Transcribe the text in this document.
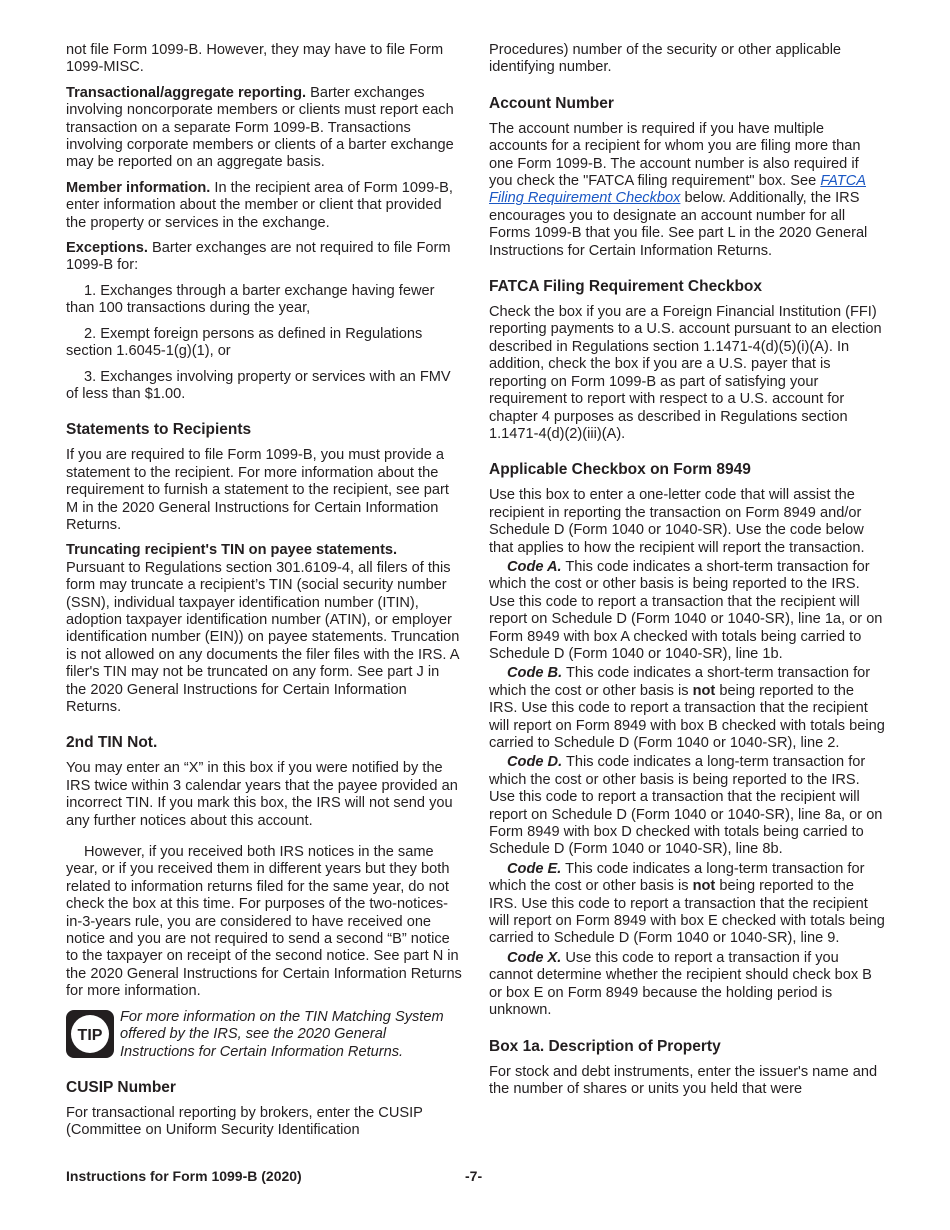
not file Form 1099-B. However, they may have to file Form 1099-MISC.

Transactional/aggregate reporting. Barter exchanges involving noncorporate members or clients must report each transaction on a separate Form 1099-B. Transactions involving corporate members or clients of a barter exchange may be reported on an aggregate basis.

Member information. In the recipient area of Form 1099-B, enter information about the member or client that provided the property or services in the exchange.

Exceptions. Barter exchanges are not required to file Form 1099-B for:

1. Exchanges through a barter exchange having fewer than 100 transactions during the year,

2. Exempt foreign persons as defined in Regulations section 1.6045-1(g)(1), or

3. Exchanges involving property or services with an FMV of less than $1.00.

Statements to Recipients

If you are required to file Form 1099-B, you must provide a statement to the recipient. For more information about the requirement to furnish a statement to the recipient, see part M in the 2020 General Instructions for Certain Information Returns.

Truncating recipient's TIN on payee statements.
Pursuant to Regulations section 301.6109-4, all filers of this form may truncate a recipient’s TIN (social security number (SSN), individual taxpayer identification number (ITIN), adoption taxpayer identification number (ATIN), or employer identification number (EIN)) on payee statements. Truncation is not allowed on any documents the filer files with the IRS. A filer's TIN may not be truncated on any form. See part J in the 2020 General Instructions for Certain Information Returns.

2nd TIN Not.

You may enter an “X” in this box if you were notified by the IRS twice within 3 calendar years that the payee provided an incorrect TIN. If you mark this box, the IRS will not send you any further notices about this account.

However, if you received both IRS notices in the same year, or if you received them in different years but they both related to information returns filed for the same year, do not check the box at this time. For purposes of the two-notices-in-3-years rule, you are considered to have received one notice and you are not required to send a second “B” notice to the taxpayer on receipt of the second notice. See part N in the 2020 General Instructions for Certain Information Returns for more information.

TIP
For more information on the TIN Matching System offered by the IRS, see the 2020 General Instructions for Certain Information Returns.
CUSIP Number

For transactional reporting by brokers, enter the CUSIP (Committee on Uniform Security Identification

Procedures) number of the security or other applicable identifying number.

Account Number

The account number is required if you have multiple accounts for a recipient for whom you are filing more than one Form 1099-B. The account number is also required if you check the "FATCA filing requirement" box. See FATCA Filing Requirement Checkbox below. Additionally, the IRS encourages you to designate an account number for all Forms 1099-B that you file. See part L in the 2020 General Instructions for Certain Information Returns.

FATCA Filing Requirement Checkbox

Check the box if you are a Foreign Financial Institution (FFI) reporting payments to a U.S. account pursuant to an election described in Regulations section 1.1471-4(d)(5)(i)(A). In addition, check the box if you are a U.S. payer that is reporting on Form 1099-B as part of satisfying your requirement to report with respect to a U.S. account for chapter 4 purposes as described in Regulations section 1.1471-4(d)(2)(iii)(A).

Applicable Checkbox on Form 8949

Use this box to enter a one-letter code that will assist the recipient in reporting the transaction on Form 8949 and/or Schedule D (Form 1040 or 1040-SR). Use the code below that applies to how the recipient will report the transaction.

Code A. This code indicates a short-term transaction for which the cost or other basis is being reported to the IRS. Use this code to report a transaction that the recipient will report on Schedule D (Form 1040 or 1040-SR), line 1a, or on Form 8949 with box A checked with totals being carried to Schedule D (Form 1040 or 1040-SR), line 1b.

Code B. This code indicates a short-term transaction for which the cost or other basis is not being reported to the IRS. Use this code to report a transaction that the recipient will report on Form 8949 with box B checked with totals being carried to Schedule D (Form 1040 or 1040-SR), line 2.

Code D. This code indicates a long-term transaction for which the cost or other basis is being reported to the IRS. Use this code to report a transaction that the recipient will report on Schedule D (Form 1040 or 1040-SR), line 8a, or on Form 8949 with box D checked with totals being carried to Schedule D (Form 1040 or 1040-SR), line 8b.

Code E. This code indicates a long-term transaction for which the cost or other basis is not being reported to the IRS. Use this code to report a transaction that the recipient will report on Form 8949 with box E checked with totals being carried to Schedule D (Form 1040 or 1040-SR), line 9.

Code X. Use this code to report a transaction if you cannot determine whether the recipient should check box B or box E on Form 8949 because the holding period is unknown.

Box 1a. Description of Property

For stock and debt instruments, enter the issuer's name and the number of shares or units you held that were

Instructions for Form 1099-B (2020)	-7-
